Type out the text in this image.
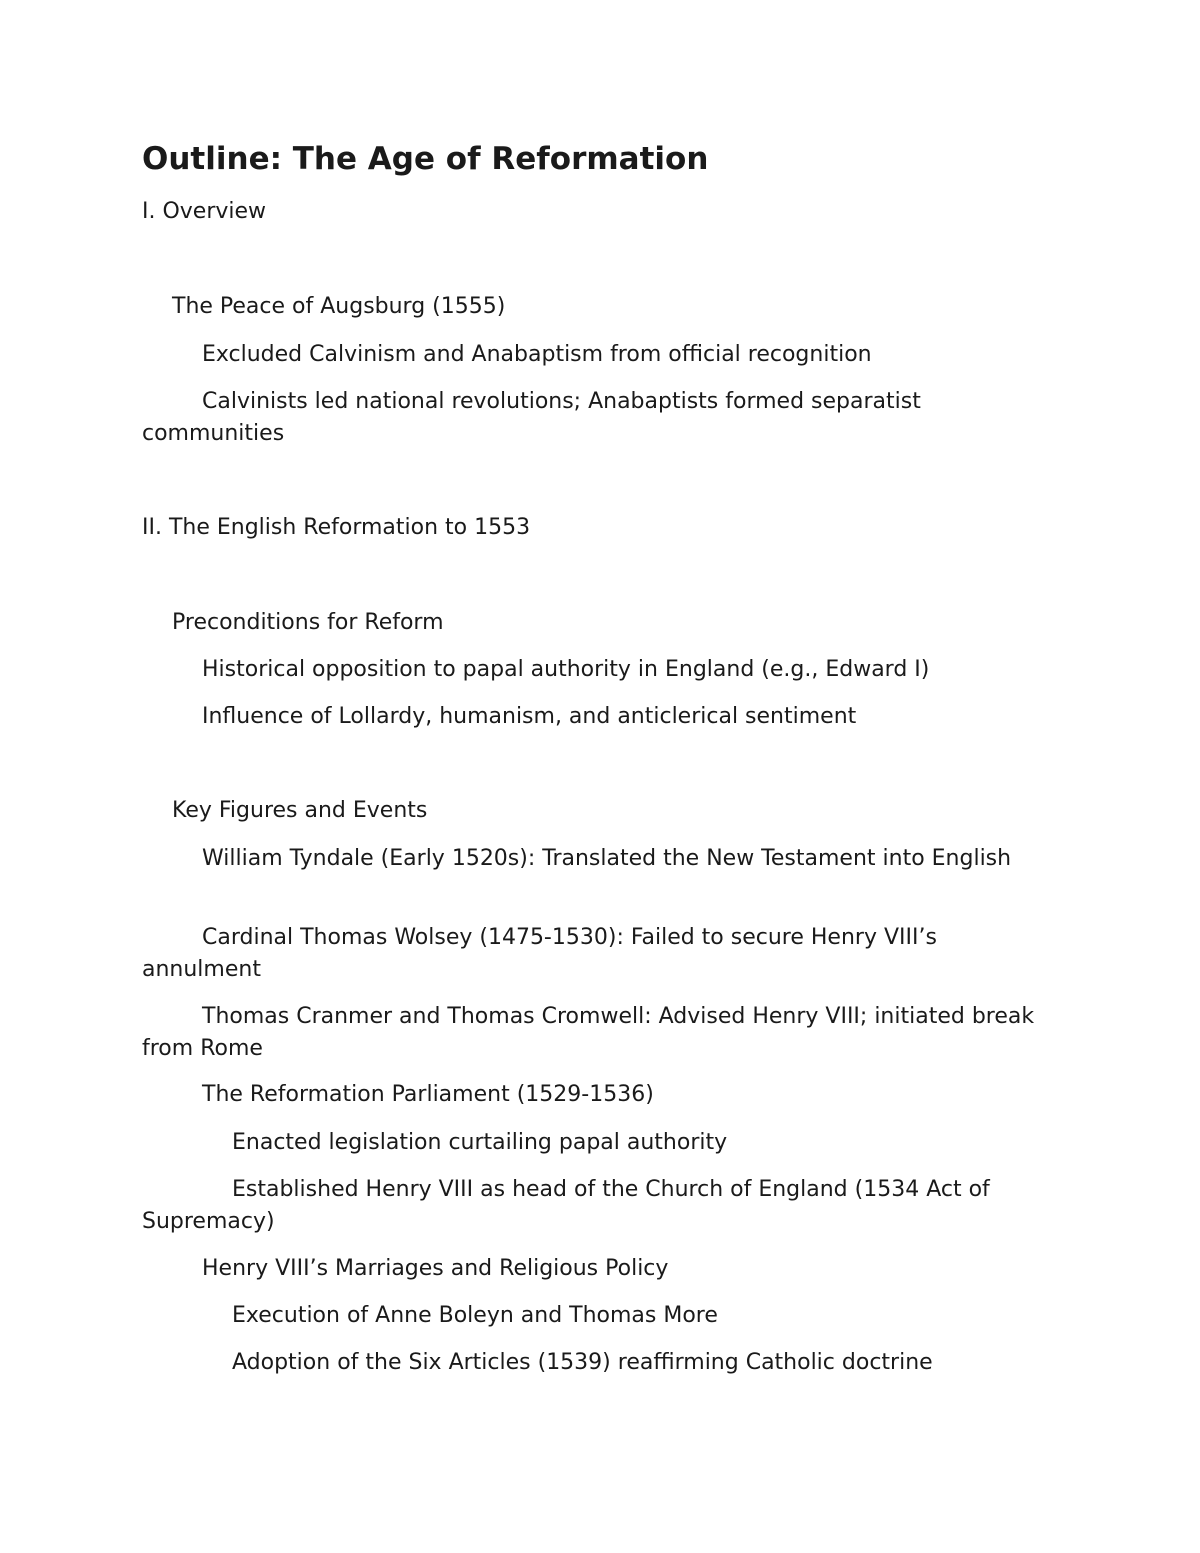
Outline: The Age of Reformation

I. Overview

The Peace of Augsburg (1555)

Excluded Calvinism and Anabaptism from official recognition

Calvinists led national revolutions; Anabaptists formed separatist communities

II. The English Reformation to 1553

Preconditions for Reform

Historical opposition to papal authority in England (e.g., Edward I)

Influence of Lollardy, humanism, and anticlerical sentiment

Key Figures and Events

William Tyndale (Early 1520s): Translated the New Testament into English

Cardinal Thomas Wolsey (1475-1530): Failed to secure Henry VIII’s annulment

Thomas Cranmer and Thomas Cromwell: Advised Henry VIII; initiated break from Rome

The Reformation Parliament (1529-1536)

Enacted legislation curtailing papal authority

Established Henry VIII as head of the Church of England (1534 Act of Supremacy)

Henry VIII’s Marriages and Religious Policy

Execution of Anne Boleyn and Thomas More

Adoption of the Six Articles (1539) reaffirming Catholic doctrine
